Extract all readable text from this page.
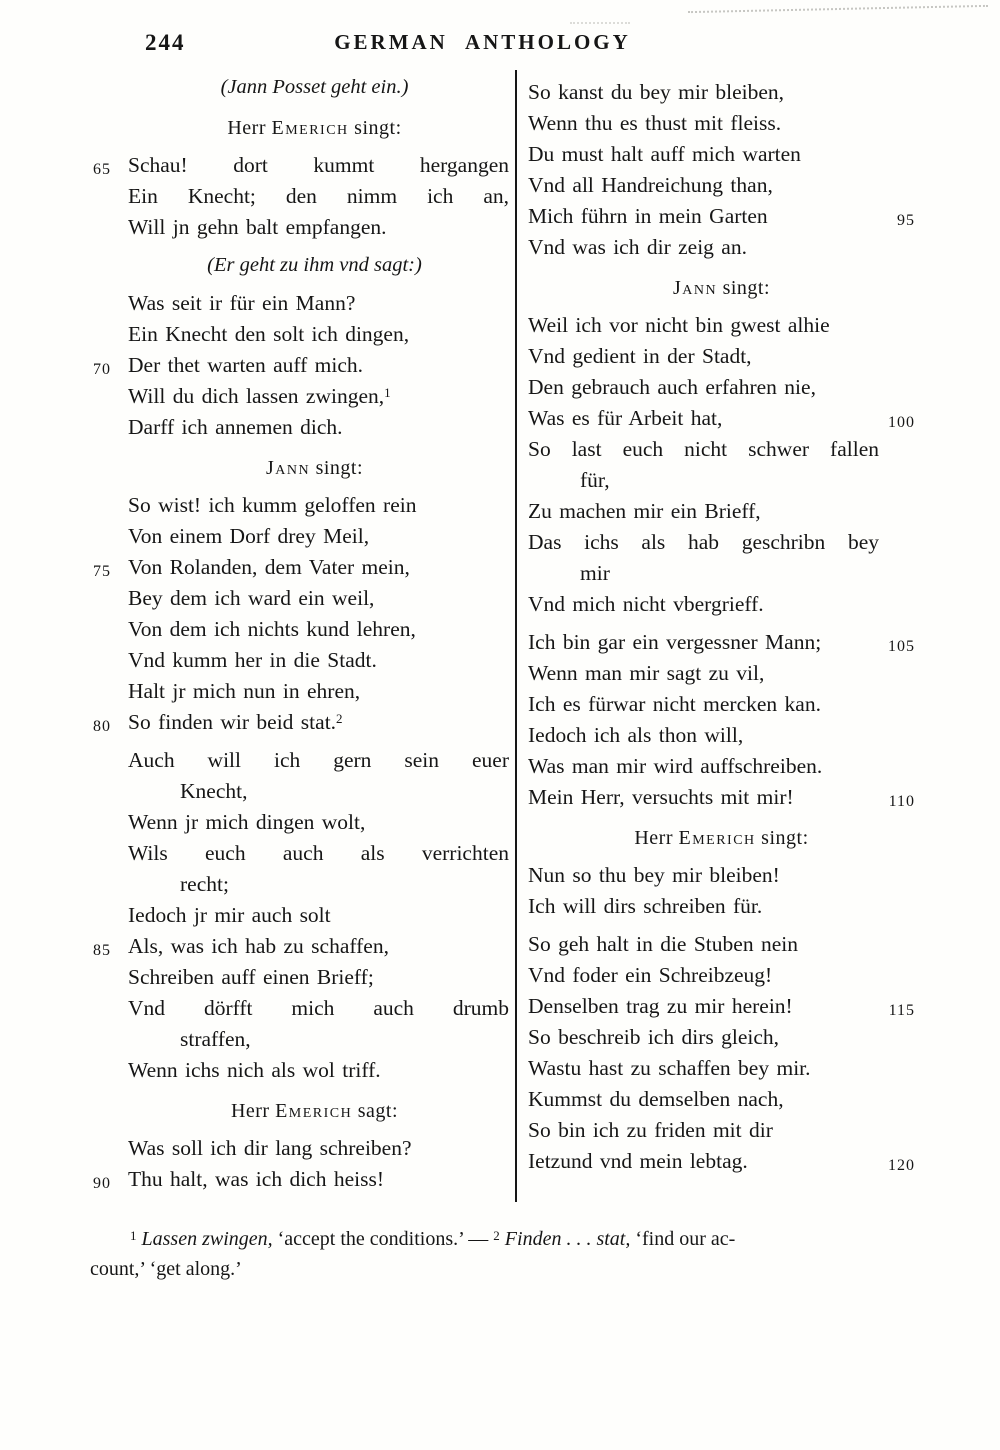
244	GERMAN ANTHOLOGY
(Jann Posset geht ein.)
Herr Emerich singt:
65 Schau! dort kummt hergangen
Ein Knecht; den nimm ich an,
Will jn gehn balt empfangen.
(Er geht zu ihm vnd sagt:)
Was seit ir für ein Mann?
Ein Knecht den solt ich dingen,
70 Der thet warten auff mich.
Will du dich lassen zwingen,$^1$
Darff ich annemen dich.
Jann singt:
So wist! ich kumm geloffen rein
Von einem Dorf drey Meil,
75 Von Rolanden, dem Vater mein,
Bey dem ich ward ein weil,
Von dem ich nichts kund lehren,
Vnd kumm her in die Stadt.
Halt jr mich nun in ehren,
80 So finden wir beid stat.$^2$
Auch will ich gern sein euer
Knecht,
Wenn jr mich dingen wolt,
Wils euch auch als verrichten
recht;
Iedoch jr mir auch solt
85 Als, was ich hab zu schaffen,
Schreiben auff einen Brieff;
Vnd dörfft mich auch drumb
straffen,
Wenn ichs nich als wol triff.
Herr Emerich sagt:
Was soll ich dir lang schreiben?
90 Thu halt, was ich dich heiss!
So kanst du bey mir bleiben,
Wenn thu es thust mit fleiss.
Du must halt auff mich warten
Vnd all Handreichung than,
95
Mich führn in mein Garten
Vnd was ich dir zeig an.
Jann singt:
Weil ich vor nicht bin gwest alhie
Vnd gedient in der Stadt,
Den gebrauch auch erfahren nie,
100
Was es für Arbeit hat,
So last euch nicht schwer fallen
für,
Zu machen mir ein Brieff,
Das ichs als hab geschribn bey
mir
Vnd mich nicht vbergrieff.
105
Ich bin gar ein vergessner Mann;
Wenn man mir sagt zu vil,
Ich es fürwar nicht mercken kan.
Iedoch ich als thon will,
Was man mir wird auffschreiben.
110
Mein Herr, versuchts mit mir!
Herr Emerich singt:
Nun so thu bey mir bleiben!
Ich will dirs schreiben für.
So geh halt in die Stuben nein
Vnd foder ein Schreibzeug!
115
Denselben trag zu mir herein!
So beschreib ich dirs gleich,
Wastu hast zu schaffen bey mir.
Kummst du demselben nach,
So bin ich zu friden mit dir
120
Ietzund vnd mein lebtag.
$^1$ Lassen zwingen, ‘accept the conditions.’ — $^2$ Finden . . . stat, ‘find our ac-
count,’ ‘get along.’
